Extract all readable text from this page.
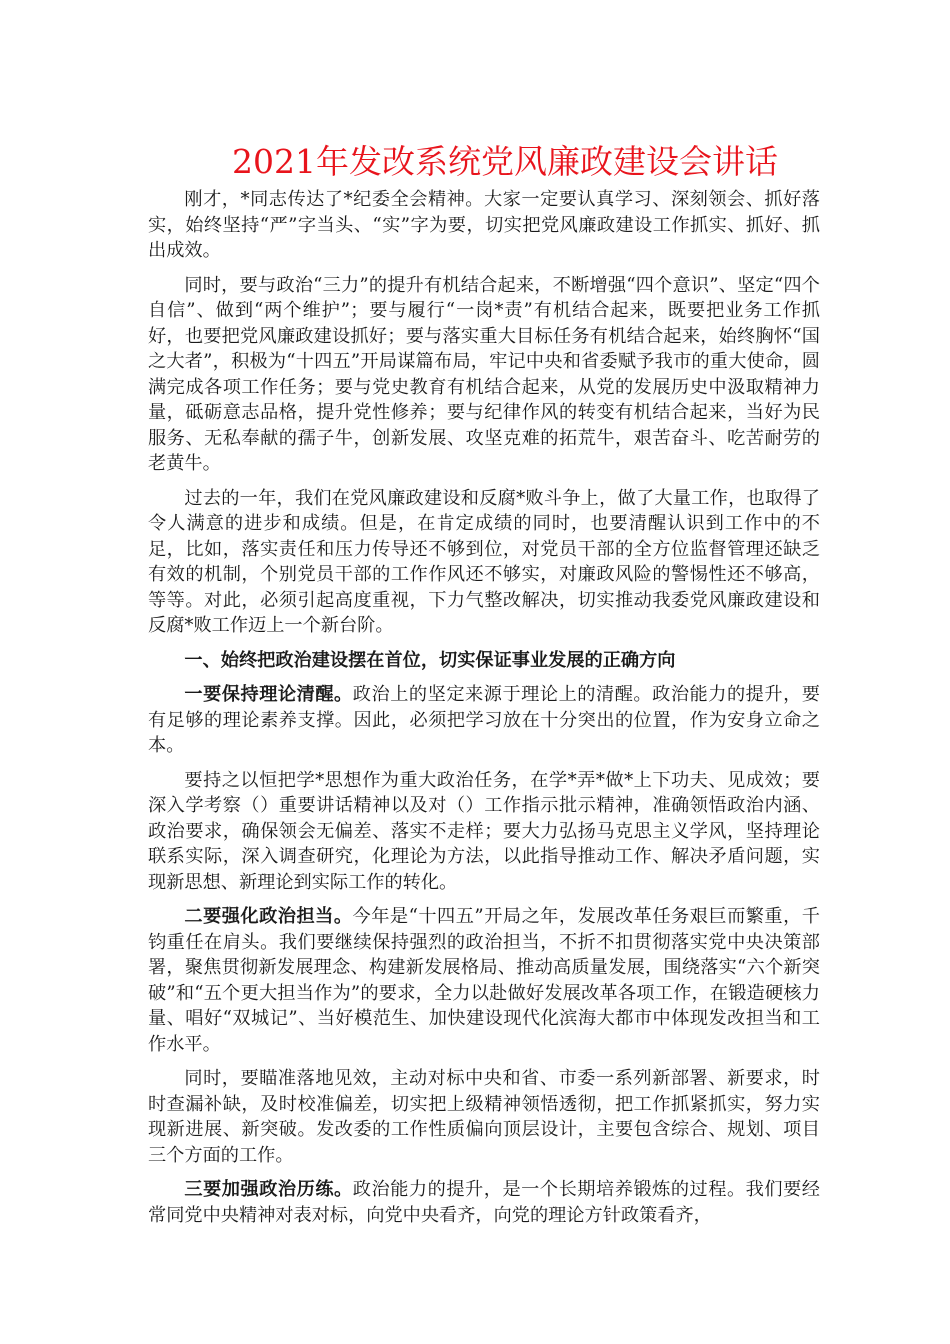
2021年发改系统党风廉政建设会讲话

刚才，*同志传达了*纪委全会精神。大家一定要认真学习、深刻领会、抓好落实，始终坚持“严”字当头、“实”字为要，切实把党风廉政建设工作抓实、抓好、抓出成效。

同时，要与政治“三力”的提升有机结合起来，不断增强“四个意识”、坚定“四个自信”、做到“两个维护”；要与履行“一岗*责”有机结合起来，既要把业务工作抓好，也要把党风廉政建设抓好；要与落实重大目标任务有机结合起来，始终胸怀“国之大者”，积极为“十四五”开局谋篇布局，牢记中央和省委赋予我市的重大使命，圆满完成各项工作任务；要与党史教育有机结合起来，从党的发展历史中汲取精神力量，砥砺意志品格，提升党性修养；要与纪律作风的转变有机结合起来，当好为民服务、无私奉献的孺子牛，创新发展、攻坚克难的拓荒牛，艰苦奋斗、吃苦耐劳的老黄牛。

过去的一年，我们在党风廉政建设和反腐*败斗争上，做了大量工作，也取得了令人满意的进步和成绩。但是，在肯定成绩的同时，也要清醒认识到工作中的不足，比如，落实责任和压力传导还不够到位，对党员干部的全方位监督管理还缺乏有效的机制，个别党员干部的工作作风还不够实，对廉政风险的警惕性还不够高，等等。对此，必须引起高度重视，下力气整改解决，切实推动我委党风廉政建设和反腐*败工作迈上一个新台阶。

一、始终把政治建设摆在首位，切实保证事业发展的正确方向

一要保持理论清醒。政治上的坚定来源于理论上的清醒。政治能力的提升，要有足够的理论素养支撑。因此，必须把学习放在十分突出的位置，作为安身立命之本。

要持之以恒把学*思想作为重大政治任务，在学*弄*做*上下功夫、见成效；要深入学考察（）重要讲话精神以及对（）工作指示批示精神，准确领悟政治内涵、政治要求，确保领会无偏差、落实不走样；要大力弘扬马克思主义学风，坚持理论联系实际，深入调查研究，化理论为方法，以此指导推动工作、解决矛盾问题，实现新思想、新理论到实际工作的转化。

二要强化政治担当。今年是“十四五”开局之年，发展改革任务艰巨而繁重，千钧重任在肩头。我们要继续保持强烈的政治担当，不折不扣贯彻落实党中央决策部署，聚焦贯彻新发展理念、构建新发展格局、推动高质量发展，围绕落实“六个新突破”和“五个更大担当作为”的要求，全力以赴做好发展改革各项工作，在锻造硬核力量、唱好“双城记”、当好模范生、加快建设现代化滨海大都市中体现发改担当和工作水平。

同时，要瞄准落地见效，主动对标中央和省、市委一系列新部署、新要求，时时查漏补缺，及时校准偏差，切实把上级精神领悟透彻，把工作抓紧抓实，努力实现新进展、新突破。发改委的工作性质偏向顶层设计，主要包含综合、规划、项目三个方面的工作。

三要加强政治历练。政治能力的提升，是一个长期培养锻炼的过程。我们要经常同党中央精神对表对标，向党中央看齐，向党的理论方针政策看齐，
